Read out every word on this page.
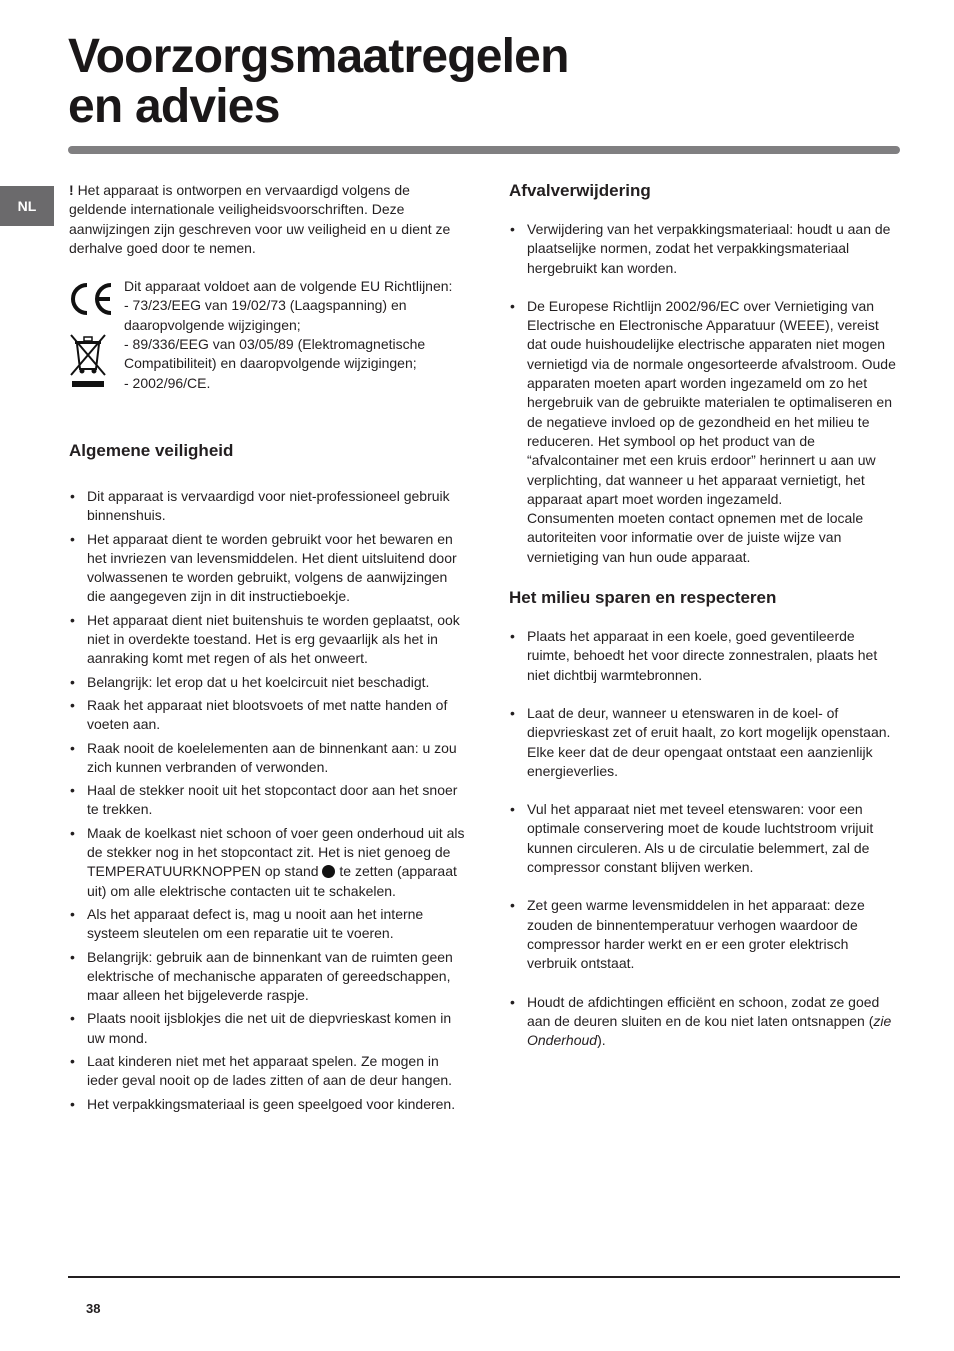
Voorzorgsmaatregelen
en advies
NL

! Het apparaat is ontworpen en vervaardigd volgens de geldende internationale veiligheidsvoorschriften. Deze aanwijzingen zijn geschreven voor uw veiligheid en u dient ze derhalve goed door te nemen.

Dit apparaat voldoet aan de volgende EU Richtlijnen:
- 73/23/EEG van 19/02/73 (Laagspanning) en daaropvolgende wijzigingen;
- 89/336/EEG van 03/05/89 (Elektromagnetische Compatibiliteit) en daaropvolgende wijzigingen;
- 2002/96/CE.

Algemene veiligheid
• Dit apparaat is vervaardigd voor niet-professioneel gebruik binnenshuis.
• Het apparaat dient te worden gebruikt voor het bewaren en het invriezen van levensmiddelen. Het dient uitsluitend door volwassenen te worden gebruikt, volgens de aanwijzingen die aangegeven zijn in dit instructieboekje.
• Het apparaat dient niet buitenshuis te worden geplaatst, ook niet in overdekte toestand. Het is erg gevaarlijk als het in aanraking komt met regen of als het onweert.
• Belangrijk: let erop dat u het koelcircuit niet beschadigt.
• Raak het apparaat niet blootsvoets of met natte handen of voeten aan.
• Raak nooit de koelelementen aan de binnenkant aan: u zou zich kunnen verbranden of verwonden.
• Haal de stekker nooit uit het stopcontact door aan het snoer te trekken.
• Maak de koelkast niet schoon of voer geen onderhoud uit als de stekker nog in het stopcontact zit. Het is niet genoeg de TEMPERATUURKNOPPEN op stand te zetten (apparaat uit) om alle elektrische contacten uit te schakelen.
• Als het apparaat defect is, mag u nooit aan het interne systeem sleutelen om een reparatie uit te voeren.
• Belangrijk: gebruik aan de binnenkant van de ruimten geen elektrische of mechanische apparaten of gereedschappen, maar alleen het bijgeleverde raspje.
• Plaats nooit ijsblokjes die net uit de diepvrieskast komen in uw mond.
• Laat kinderen niet met het apparaat spelen. Ze mogen in ieder geval nooit op de lades zitten of aan de deur hangen.
• Het verpakkingsmateriaal is geen speelgoed voor kinderen.
Afvalverwijdering
• Verwijdering van het verpakkingsmateriaal: houdt u aan de plaatselijke normen, zodat het verpakkingsmateriaal hergebruikt kan worden.
• De Europese Richtlijn 2002/96/EC over Vernietiging van Electrische en Electronische Apparatuur (WEEE), vereist dat oude huishoudelijke electrische apparaten niet mogen vernietigd via de normale ongesorteerde afvalstroom. Oude apparaten moeten apart worden ingezameld om zo het hergebruik van de gebruikte materialen te optimaliseren en de negatieve invloed op de gezondheid en het milieu te reduceren. Het symbool op het product van de “afvalcontainer met een kruis erdoor” herinnert u aan uw verplichting, dat wanneer u het apparaat vernietigt, het apparaat apart moet worden ingezameld.
Consumenten moeten contact opnemen met de locale autoriteiten voor informatie over de juiste wijze van vernietiging van hun oude apparaat.
Het milieu sparen en respecteren
• Plaats het apparaat in een koele, goed geventileerde ruimte, behoedt het voor directe zonnestralen, plaats het niet dichtbij warmtebronnen.
• Laat de deur, wanneer u etenswaren in de koel- of diepvrieskast zet of eruit haalt, zo kort mogelijk openstaan. Elke keer dat de deur opengaat ontstaat een aanzienlijk energieverlies.
• Vul het apparaat niet met teveel etenswaren: voor een optimale conservering moet de koude luchtstroom vrijuit kunnen circuleren. Als u de circulatie belemmert, zal de compressor constant blijven werken.
• Zet geen warme levensmiddelen in het apparaat: deze zouden de binnentemperatuur verhogen waardoor de compressor harder werkt en er een groter elektrisch verbruik ontstaat.
• Houdt de afdichtingen efficiënt en schoon, zodat ze goed aan de deuren sluiten en de kou niet laten ontsnappen (zie Onderhoud).
38
